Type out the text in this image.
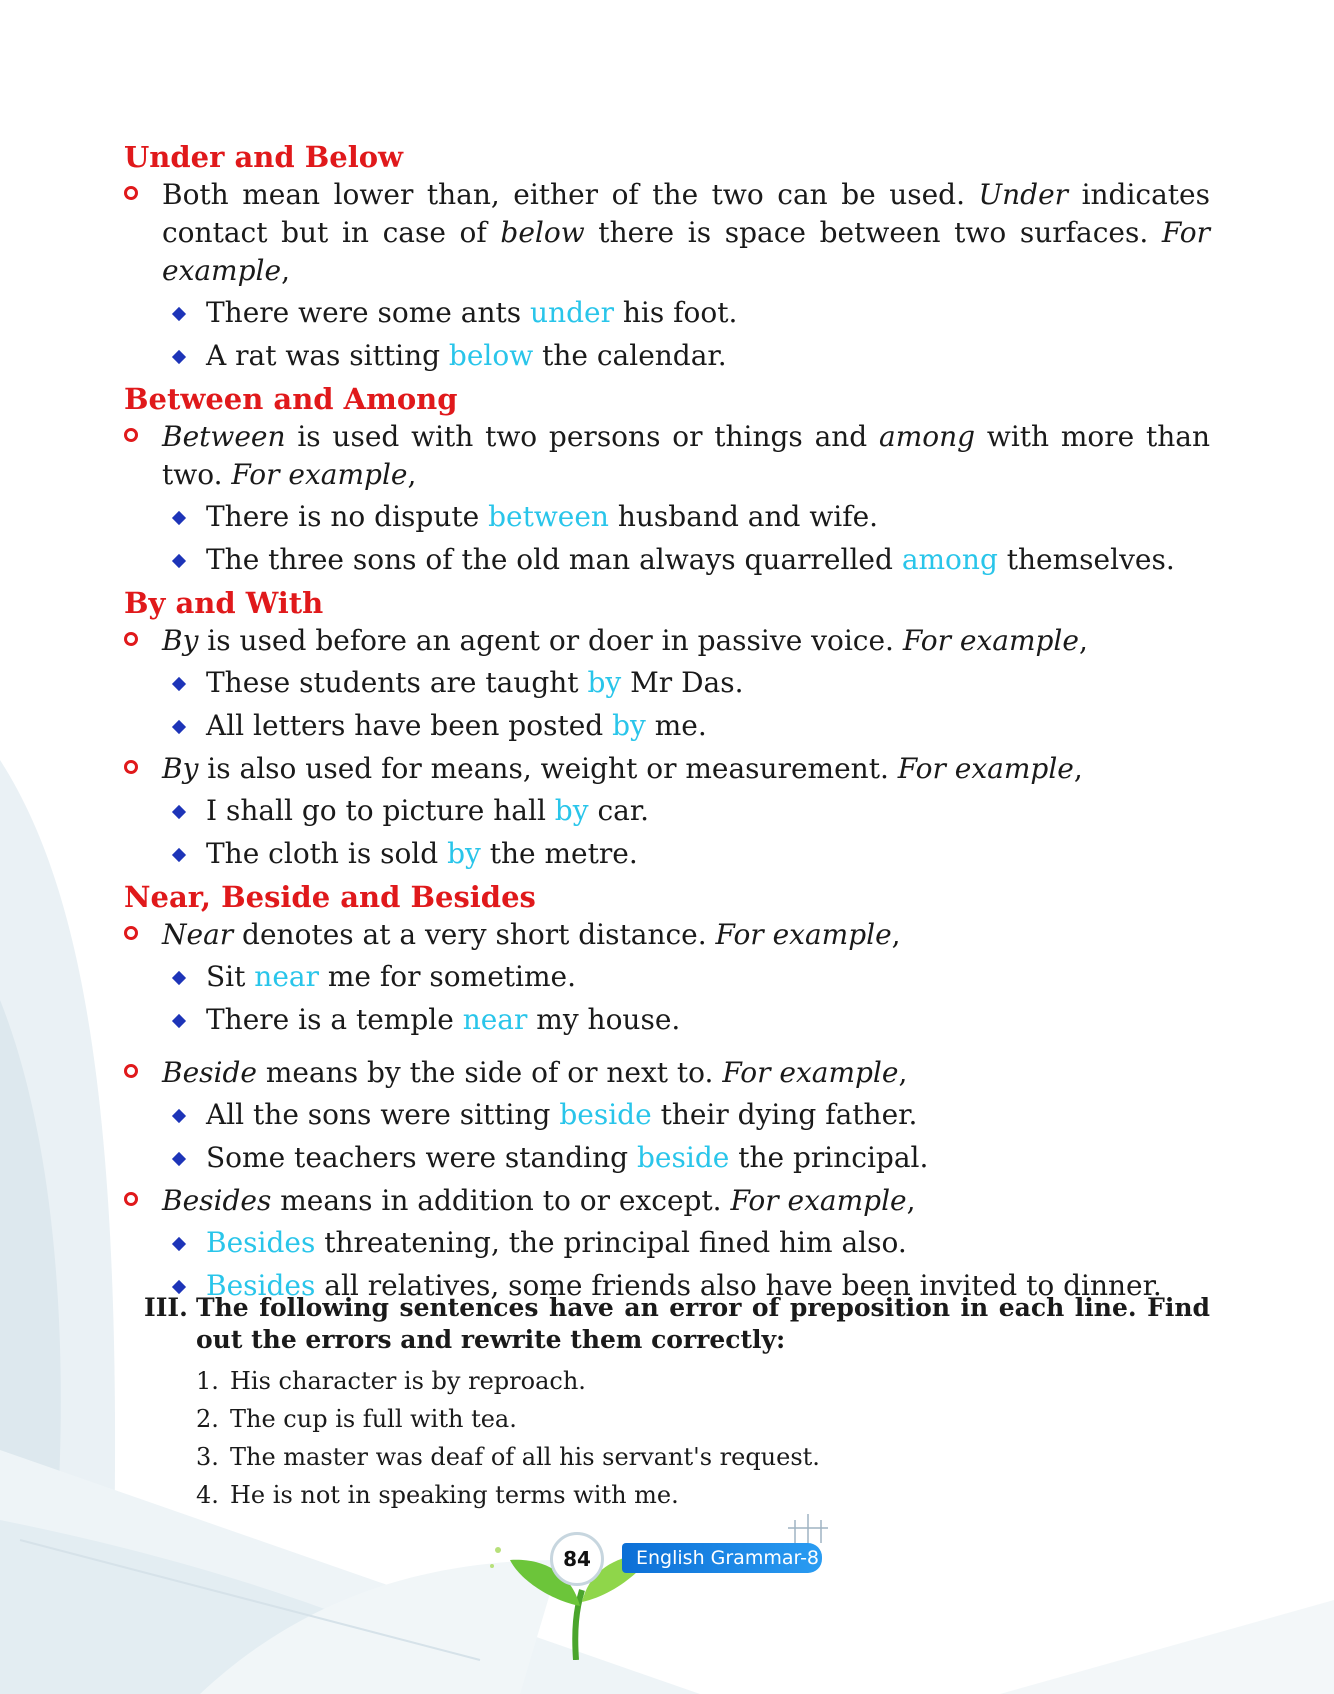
Under and Below

Both mean lower than, either of the two can be used. Under indicates contact but in case of below there is space between two surfaces. For example,

There were some ants under his foot.

A rat was sitting below the calendar.

Between and Among

Between is used with two persons or things and among with more than two. For example,

There is no dispute between husband and wife.

The three sons of the old man always quarrelled among themselves.

By and With

By is used before an agent or doer in passive voice. For example,

These students are taught by Mr Das.

All letters have been posted by me.

By is also used for means, weight or measurement. For example,

I shall go to picture hall by car.

The cloth is sold by the metre.

Near, Beside and Besides

Near denotes at a very short distance. For example,

Sit near me for sometime.

There is a temple near my house.

Beside means by the side of or next to. For example,

All the sons were sitting beside their dying father.

Some teachers were standing beside the principal.

Besides means in addition to or except. For example,

Besides threatening, the principal fined him also.

Besides all relatives, some friends also have been invited to dinner.

III. The following sentences have an error of preposition in each line. Find out the errors and rewrite them correctly:

1. His character is by reproach.

2. The cup is full with tea.

3. The master was deaf of all his servant's request.

4. He is not in speaking terms with me.

English Grammar-8
84
